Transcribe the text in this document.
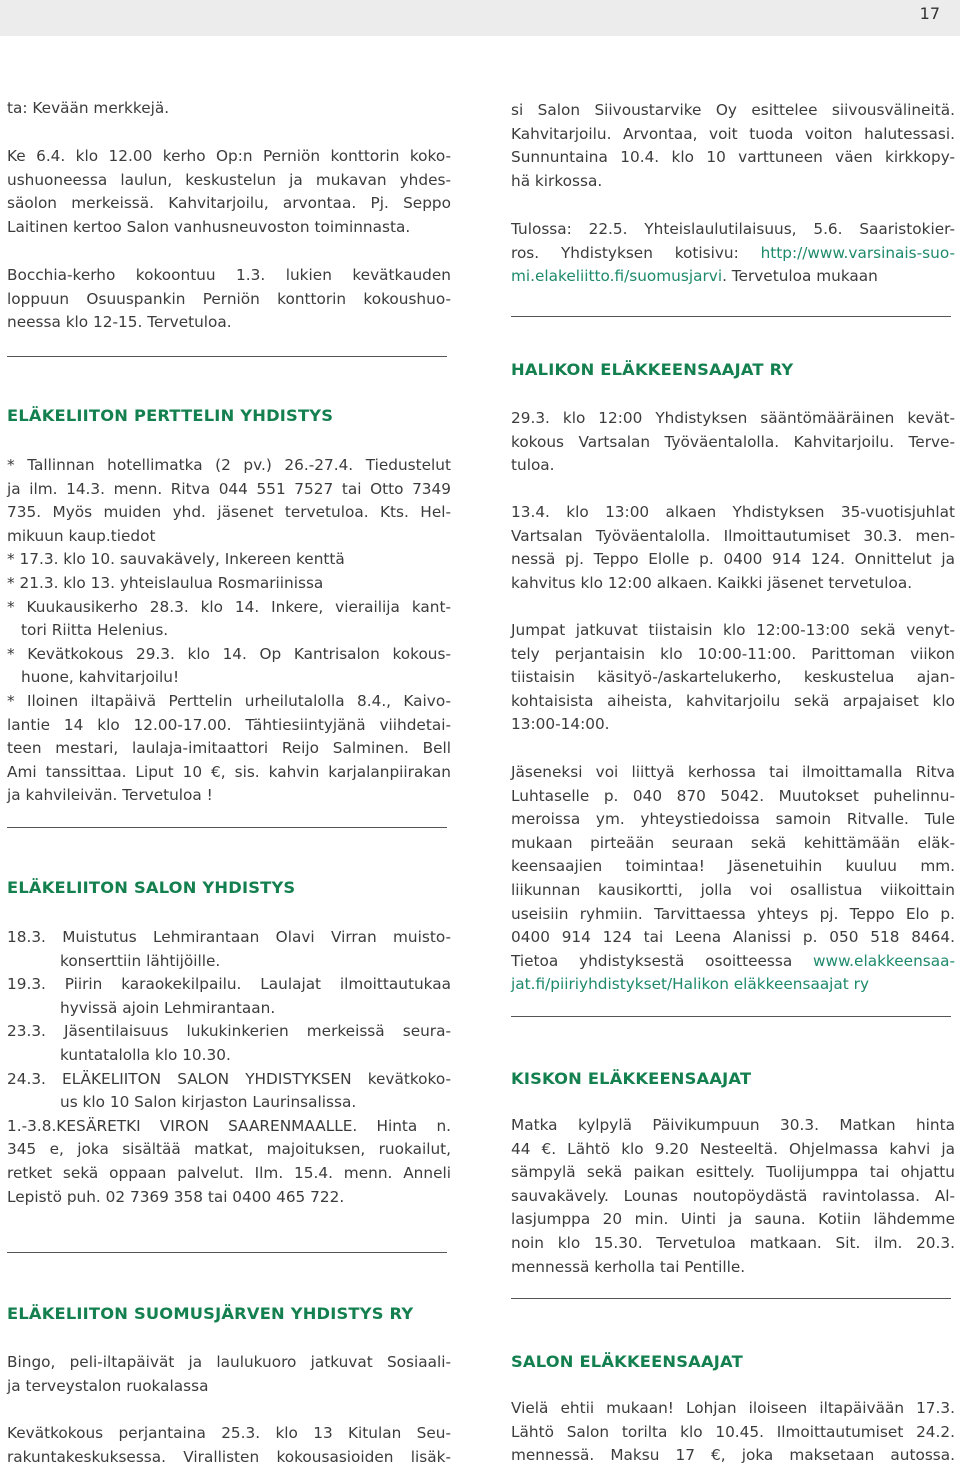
17
ta: Kevään merkkejä.
Ke 6.4. klo 12.00 kerho Op:n Perniön konttorin koko-
ushuoneessa laulun, keskustelun ja mukavan yhdes-
säolon merkeissä. Kahvitarjoilu, arvontaa. Pj. Seppo
Laitinen kertoo Salon vanhusneuvoston toiminnasta.
Bocchia-kerho kokoontuu 1.3. lukien kevätkauden
loppuun Osuuspankin Perniön konttorin kokoushuo-
neessa klo 12-15. Tervetuloa.
ELÄKELIITON PERTTELIN YHDISTYS
* Tallinnan hotellimatka (2 pv.) 26.-27.4. Tiedustelut
ja ilm. 14.3. menn. Ritva 044 551 7527 tai Otto 7349
735. Myös muiden yhd. jäsenet tervetuloa. Kts. Hel-
mikuun kaup.tiedot
* 17.3. klo 10. sauvakävely, Inkereen kenttä
* 21.3. klo 13. yhteislaulua Rosmariinissa
* Kuukausikerho 28.3. klo 14. Inkere, vierailija kant-
tori Riitta Helenius.
* Kevätkokous 29.3. klo 14. Op Kantrisalon kokous-
huone, kahvitarjoilu!
* Iloinen iltapäivä Perttelin urheilutalolla 8.4., Kaivo-
lantie 14 klo 12.00-17.00. Tähtiesiintyjänä viihdetai-
teen mestari, laulaja-imitaattori Reijo Salminen. Bell
Ami tanssittaa. Liput 10 €, sis. kahvin karjalanpiirakan
ja kahvileivän. Tervetuloa !
ELÄKELIITON SALON YHDISTYS
18.3. Muistutus Lehmirantaan Olavi Virran muisto-
konserttiin lähtijöille.
19.3. Piirin karaokekilpailu. Laulajat ilmoittautukaa
hyvissä ajoin Lehmirantaan.
23.3. Jäsentilaisuus lukukinkerien merkeissä seura-
kuntatalolla klo 10.30.
24.3. ELÄKELIITON SALON YHDISTYKSEN kevätkoko-
us klo 10 Salon kirjaston Laurinsalissa.
1.-3.8.KESÄRETKI VIRON SAARENMAALLE. Hinta n.
345 e, joka sisältää matkat, majoituksen, ruokailut,
retket sekä oppaan palvelut. Ilm. 15.4. menn. Anneli
Lepistö puh. 02 7369 358 tai 0400 465 722.
ELÄKELIITON SUOMUSJÄRVEN YHDISTYS RY
Bingo, peli-iltapäivät ja laulukuoro jatkuvat Sosiaali-
ja terveystalon ruokalassa
Kevätkokous perjantaina 25.3. klo 13 Kitulan Seu-
rakuntakeskuksessa. Virallisten kokousasioiden lisäk-
si Salon Siivoustarvike Oy esittelee siivousvälineitä.
Kahvitarjoilu. Arvontaa, voit tuoda voiton halutessasi.
Sunnuntaina 10.4. klo 10 varttuneen väen kirkkopy-
hä kirkossa.
Tulossa: 22.5. Yhteislaulutilaisuus, 5.6. Saaristokier-
ros. Yhdistyksen kotisivu: http://www.varsinais-suo-
mi.elakeliitto.fi/suomusjarvi. Tervetuloa mukaan
HALIKON ELÄKKEENSAAJAT RY
29.3. klo 12:00 Yhdistyksen sääntömääräinen kevät-
kokous Vartsalan Työväentalolla. Kahvitarjoilu. Terve-
tuloa.
13.4. klo 13:00 alkaen Yhdistyksen 35-vuotisjuhlat
Vartsalan Työväentalolla. Ilmoittautumiset 30.3. men-
nessä pj. Teppo Elolle p. 0400 914 124. Onnittelut ja
kahvitus klo 12:00 alkaen. Kaikki jäsenet tervetuloa.
Jumpat jatkuvat tiistaisin klo 12:00-13:00 sekä venyt-
tely perjantaisin klo 10:00-11:00. Parittoman viikon
tiistaisin käsityö-/askartelukerho, keskustelua ajan-
kohtaisista aiheista, kahvitarjoilu sekä arpajaiset klo
13:00-14:00.
Jäseneksi voi liittyä kerhossa tai ilmoittamalla Ritva
Luhtaselle p. 040 870 5042. Muutokset puhelinnu-
meroissa ym. yhteystiedoissa samoin Ritvalle. Tule
mukaan pirteään seuraan sekä kehittämään eläk-
keensaajien toimintaa! Jäsenetuihin kuuluu mm.
liikunnan kausikortti, jolla voi osallistua viikoittain
useisiin ryhmiin. Tarvittaessa yhteys pj. Teppo Elo p.
0400 914 124 tai Leena Alanissi p. 050 518 8464.
Tietoa yhdistyksestä osoitteessa www.elakkeensaa-
jat.fi/piiriyhdistykset/Halikon eläkkeensaajat ry
KISKON ELÄKKEENSAAJAT
Matka kylpylä Päivikumpuun 30.3. Matkan hinta
44 €. Lähtö klo 9.20 Nesteeltä. Ohjelmassa kahvi ja
sämpylä sekä paikan esittely. Tuolijumppa tai ohjattu
sauvakävely. Lounas noutopöydästä ravintolassa. Al-
lasjumppa 20 min. Uinti ja sauna. Kotiin lähdemme
noin klo 15.30. Tervetuloa matkaan. Sit. ilm. 20.3.
mennessä kerholla tai Pentille.
SALON ELÄKKEENSAAJAT
Vielä ehtii mukaan! Lohjan iloiseen iltapäivään 17.3.
Lähtö Salon torilta klo 10.45. Ilmoittautumiset 24.2.
mennessä. Maksu 17 €, joka maksetaan autossa.
